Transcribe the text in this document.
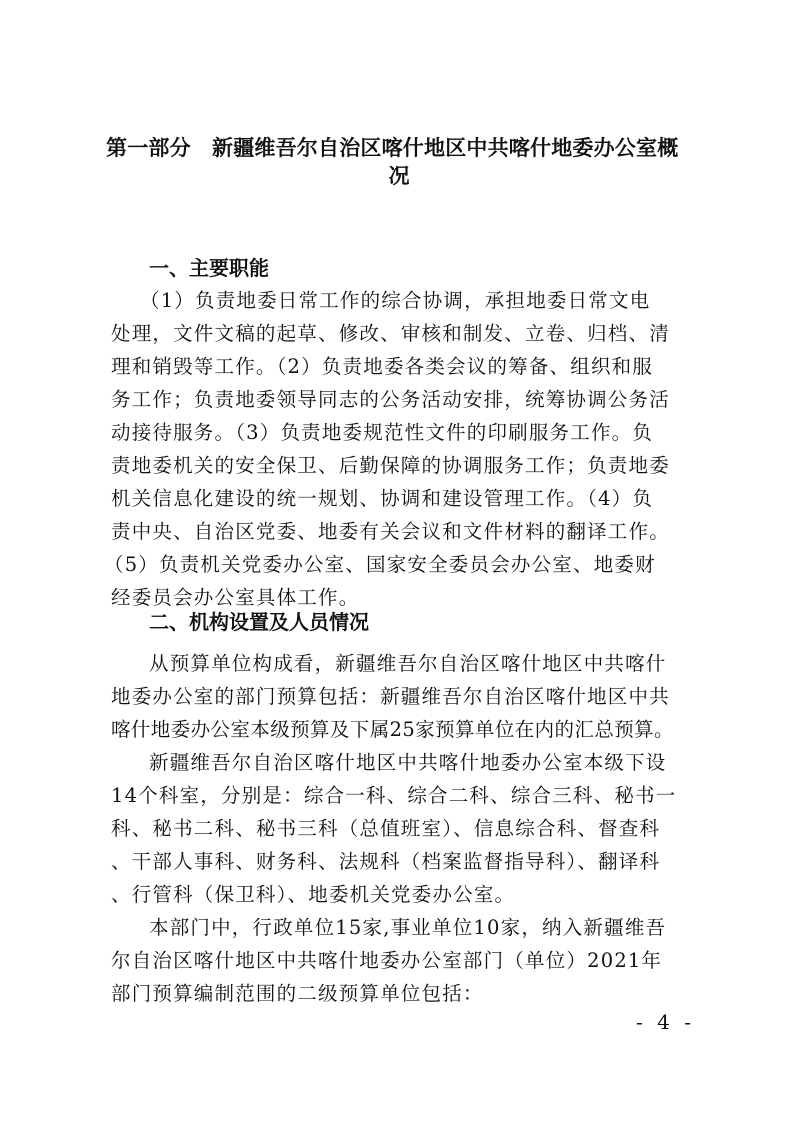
第一部分　新疆维吾尔自治区喀什地区中共喀什地委办公室概
况
一、主要职能
（1）负责地委日常工作的综合协调，承担地委日常文电
处理，文件文稿的起草、修改、审核和制发、立卷、归档、清
理和销毁等工作。（2）负责地委各类会议的筹备、组织和服
务工作；负责地委领导同志的公务活动安排，统筹协调公务活
动接待服务。（3）负责地委规范性文件的印刷服务工作。负
责地委机关的安全保卫、后勤保障的协调服务工作；负责地委
机关信息化建设的统一规划、协调和建设管理工作。（4）负
责中央、自治区党委、地委有关会议和文件材料的翻译工作。
（5）负责机关党委办公室、国家安全委员会办公室、地委财
经委员会办公室具体工作。
二、机构设置及人员情况
从预算单位构成看，新疆维吾尔自治区喀什地区中共喀什
地委办公室的部门预算包括：新疆维吾尔自治区喀什地区中共
喀什地委办公室本级预算及下属25家预算单位在内的汇总预算。
新疆维吾尔自治区喀什地区中共喀什地委办公室本级下设
14个科室，分别是：综合一科、综合二科、综合三科、秘书一
科、秘书二科、秘书三科（总值班室）、信息综合科、督查科
、干部人事科、财务科、法规科（档案监督指导科）、翻译科
、行管科（保卫科）、地委机关党委办公室。
本部门中，行政单位15家,事业单位10家，纳入新疆维吾
尔自治区喀什地区中共喀什地委办公室部门（单位）2021年
部门预算编制范围的二级预算单位包括：
- 4 -
